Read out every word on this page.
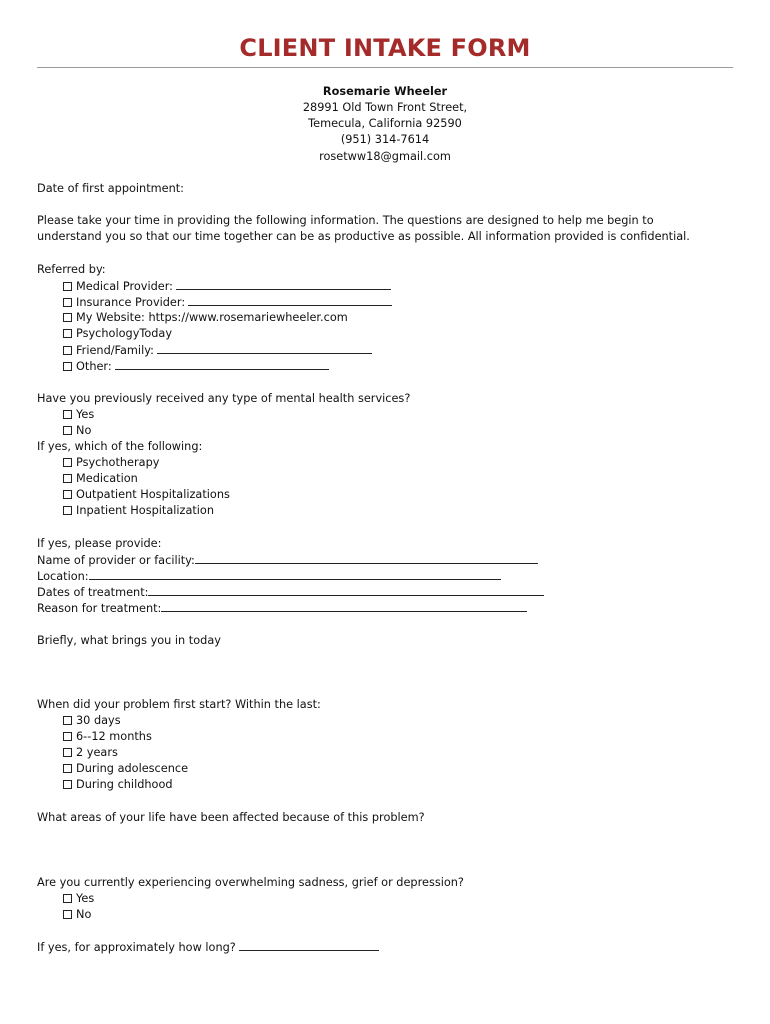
CLIENT INTAKE FORM
Rosemarie Wheeler
28991 Old Town Front Street,
Temecula, California 92590
(951) 314-7614
rosetww18@gmail.com
Date of first appointment:
Please take your time in providing the following information. The questions are designed to help me begin to
understand you so that our time together can be as productive as possible. All information provided is confidential.
Referred by:
Medical Provider:
Insurance Provider:
My Website: https://www.rosemariewheeler.com
PsychologyToday
Friend/Family:
Other:
Have you previously received any type of mental health services?
Yes
No
If yes, which of the following:
Psychotherapy
Medication
Outpatient Hospitalizations
Inpatient Hospitalization
If yes, please provide:
Name of provider or facility:
Location:
Dates of treatment:
Reason for treatment:
Briefly, what brings you in today
When did your problem first start? Within the last:
30 days
6--12 months
2 years
During adolescence
During childhood
What areas of your life have been affected because of this problem?
Are you currently experiencing overwhelming sadness, grief or depression?
Yes
No
If yes, for approximately how long?
